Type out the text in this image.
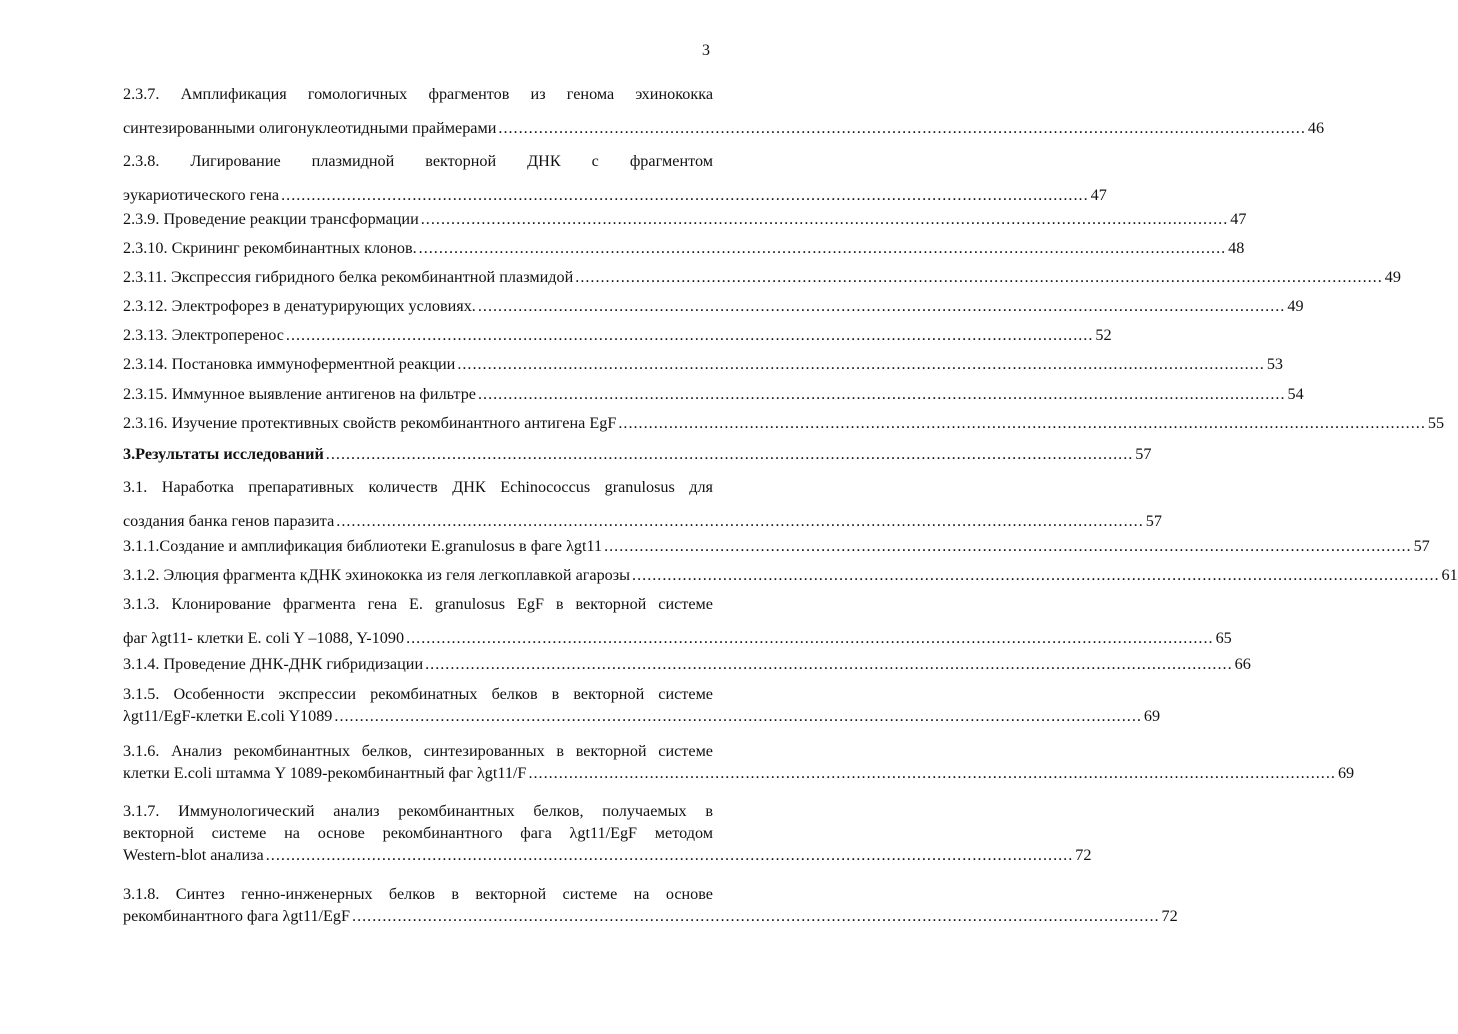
3
2.3.7. Амплификация гомологичных фрагментов из генома эхинококка
синтезированными олигонуклеотидными праймерами ................................................................................................................................................................ 46
2.3.8. Лигирование плазмидной векторной ДНК с фрагментом
эукариотического гена ................................................................................................................................................................ 47
2.3.9. Проведение реакции трансформации ................................................................................................................................................................ 47
2.3.10. Скрининг рекомбинантных клонов. ................................................................................................................................................................ 48
2.3.11. Экспрессия гибридного белка рекомбинантной плазмидой ................................................................................................................................................................ 49
2.3.12. Электрофорез в денатурирующих условиях. ................................................................................................................................................................ 49
2.3.13. Электроперенос ................................................................................................................................................................ 52
2.3.14. Постановка иммуноферментной реакции ................................................................................................................................................................ 53
2.3.15. Иммунное выявление антигенов на фильтре ................................................................................................................................................................ 54
2.3.16. Изучение протективных свойств рекомбинантного антигена EgF ................................................................................................................................................................ 55
3. Результаты исследований ................................................................................................................................................................ 57
3.1. Наработка препаративных количеств ДНК Echinococcus granulosus для
создания банка генов паразита ................................................................................................................................................................ 57
3.1.1.Создание и амплификация библиотеки E.granulosus в фаге λgt11 ................................................................................................................................................................ 57
3.1.2. Элюция фрагмента кДНК эхинококка из геля легкоплавкой агарозы ................................................................................................................................................................ 61
3.1.3. Клонирование фрагмента гена E. granulosus EgF в векторной системе
фаг λgt11- клетки E. coli Y –1088, Y-1090 ................................................................................................................................................................ 65
3.1.4. Проведение ДНК-ДНК гибридизации ................................................................................................................................................................ 66
3.1.5. Особенности экспрессии рекомбинатных белков в векторной системе
λgt11/EgF-клетки E.coli Y1089 ................................................................................................................................................................ 69
3.1.6. Анализ рекомбинантных белков, синтезированных в векторной системе
клетки E.coli штамма Y 1089-рекомбинантный фаг λgt11/F ................................................................................................................................................................ 69
3.1.7. Иммунологический анализ рекомбинантных белков, получаемых в
векторной системе на основе рекомбинантного фага λgt11/EgF методом
Western-blot анализа ................................................................................................................................................................ 72
3.1.8. Синтез генно-инженерных белков в векторной системе на основе
рекомбинантного фага λgt11/EgF ................................................................................................................................................................ 72
